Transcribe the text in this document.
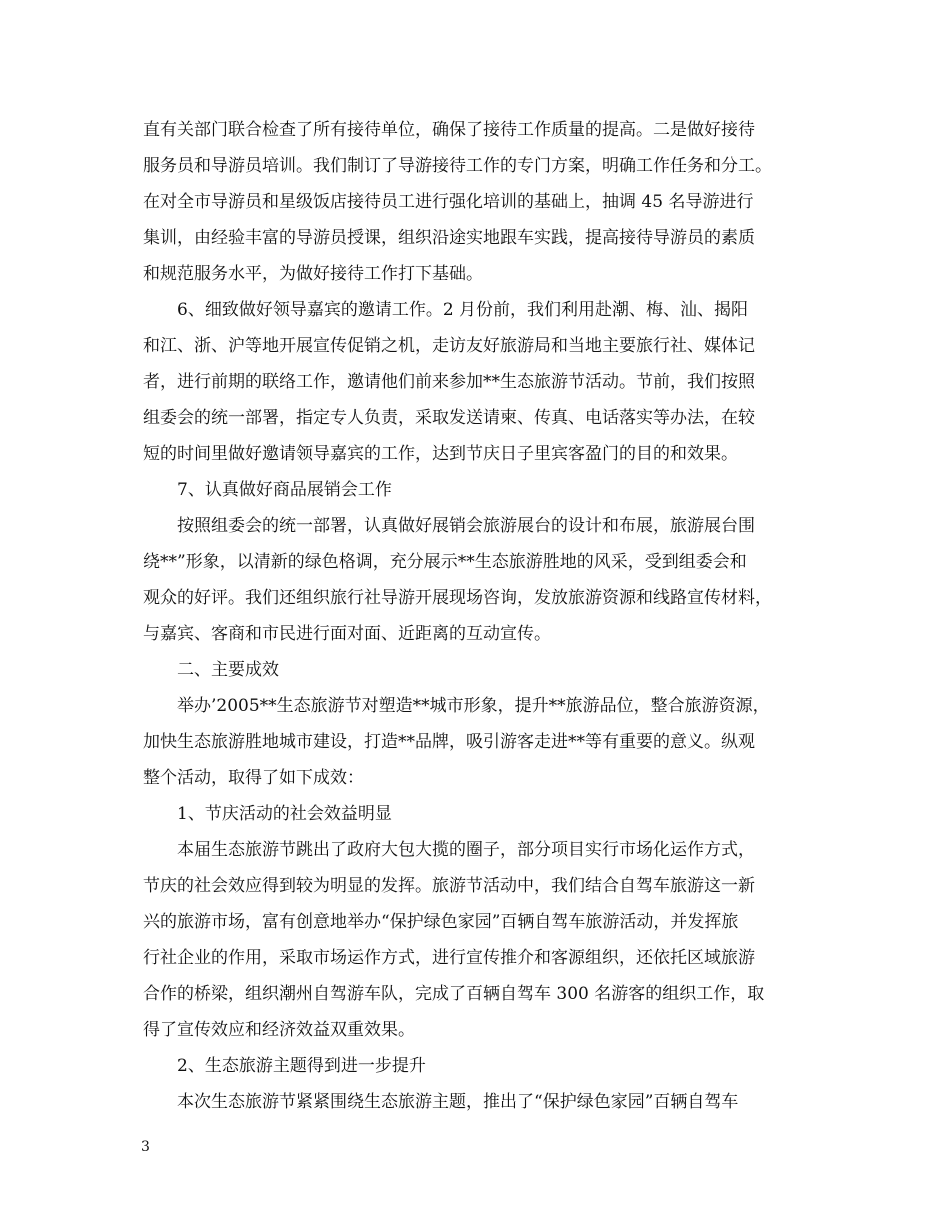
直有关部门联合检查了所有接待单位，确保了接待工作质量的提高。二是做好接待
服务员和导游员培训。我们制订了导游接待工作的专门方案，明确工作任务和分工。
在对全市导游员和星级饭店接待员工进行强化培训的基础上，抽调 45 名导游进行
集训，由经验丰富的导游员授课，组织沿途实地跟车实践，提高接待导游员的素质
和规范服务水平，为做好接待工作打下基础。
6、细致做好领导嘉宾的邀请工作。2 月份前，我们利用赴潮、梅、汕、揭阳
和江、浙、沪等地开展宣传促销之机，走访友好旅游局和当地主要旅行社、媒体记
者，进行前期的联络工作，邀请他们前来参加**生态旅游节活动。节前，我们按照
组委会的统一部署，指定专人负责，采取发送请柬、传真、电话落实等办法，在较
短的时间里做好邀请领导嘉宾的工作，达到节庆日子里宾客盈门的目的和效果。
7、认真做好商品展销会工作
按照组委会的统一部署，认真做好展销会旅游展台的设计和布展，旅游展台围
绕**”形象，以清新的绿色格调，充分展示**生态旅游胜地的风采，受到组委会和
观众的好评。我们还组织旅行社导游开展现场咨询，发放旅游资源和线路宣传材料，
与嘉宾、客商和市民进行面对面、近距离的互动宣传。
二、主要成效
举办’2005**生态旅游节对塑造**城市形象，提升**旅游品位，整合旅游资源，
加快生态旅游胜地城市建设，打造**品牌，吸引游客走进**等有重要的意义。纵观
整个活动，取得了如下成效：
1、节庆活动的社会效益明显
本届生态旅游节跳出了政府大包大揽的圈子，部分项目实行市场化运作方式，
节庆的社会效应得到较为明显的发挥。旅游节活动中，我们结合自驾车旅游这一新
兴的旅游市场，富有创意地举办“保护绿色家园”百辆自驾车旅游活动，并发挥旅
行社企业的作用，采取市场运作方式，进行宣传推介和客源组织，还依托区域旅游
合作的桥梁，组织潮州自驾游车队，完成了百辆自驾车 300 名游客的组织工作，取
得了宣传效应和经济效益双重效果。
2、生态旅游主题得到进一步提升
本次生态旅游节紧紧围绕生态旅游主题，推出了“保护绿色家园”百辆自驾车
3
